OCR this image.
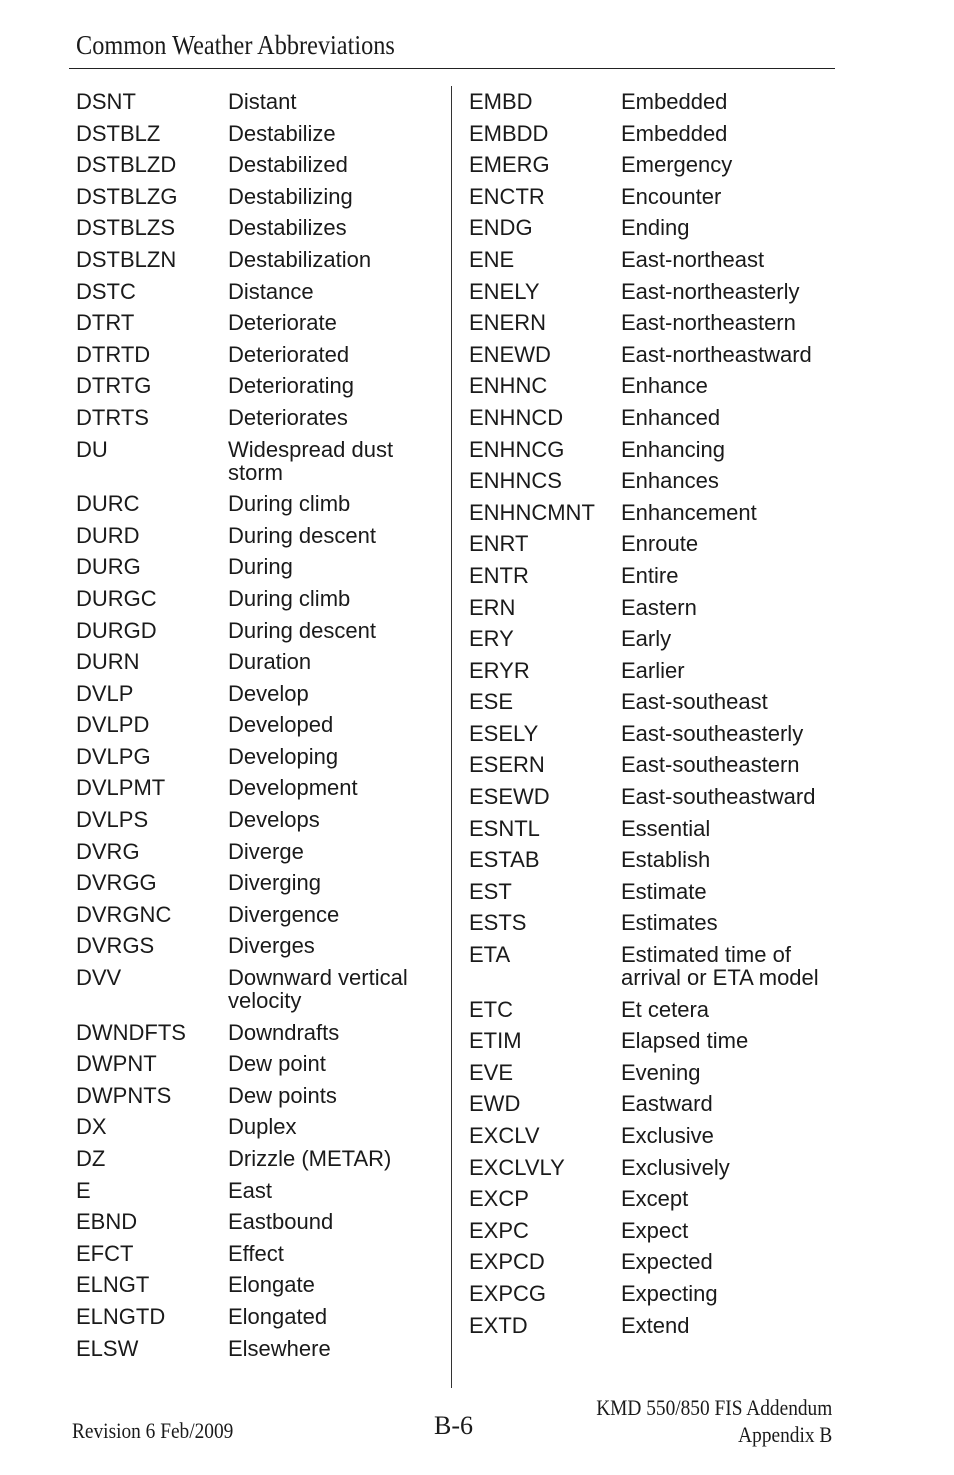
Common Weather Abbreviations
DSNT	Distant
DSTBLZ	Destabilize
DSTBLZD	Destabilized
DSTBLZG	Destabilizing
DSTBLZS	Destabilizes
DSTBLZN	Destabilization
DSTC	Distance
DTRT	Deteriorate
DTRTD	Deteriorated
DTRTG	Deteriorating
DTRTS	Deteriorates
DU	Widespread dust storm
DURC	During climb
DURD	During descent
DURG	During
DURGC	During climb
DURGD	During descent
DURN	Duration
DVLP	Develop
DVLPD	Developed
DVLPG	Developing
DVLPMT	Development
DVLPS	Develops
DVRG	Diverge
DVRGG	Diverging
DVRGNC	Divergence
DVRGS	Diverges
DVV	Downward vertical velocity
DWNDFTS	Downdrafts
DWPNT	Dew point
DWPNTS	Dew points
DX	Duplex
DZ	Drizzle (METAR)
E	East
EBND	Eastbound
EFCT	Effect
ELNGT	Elongate
ELNGTD	Elongated
ELSW	Elsewhere
EMBD	Embedded
EMBDD	Embedded
EMERG	Emergency
ENCTR	Encounter
ENDG	Ending
ENE	East-northeast
ENELY	East-northeasterly
ENERN	East-northeastern
ENEWD	East-northeastward
ENHNC	Enhance
ENHNCD	Enhanced
ENHNCG	Enhancing
ENHNCS	Enhances
ENHNCMNT	Enhancement
ENRT	Enroute
ENTR	Entire
ERN	Eastern
ERY	Early
ERYR	Earlier
ESE	East-southeast
ESELY	East-southeasterly
ESERN	East-southeastern
ESEWD	East-southeastward
ESNTL	Essential
ESTAB	Establish
EST	Estimate
ESTS	Estimates
ETA	Estimated time of arrival or ETA model
ETC	Et cetera
ETIM	Elapsed time
EVE	Evening
EWD	Eastward
EXCLV	Exclusive
EXCLVLY	Exclusively
EXCP	Except
EXPC	Expect
EXPCD	Expected
EXPCG	Expecting
EXTD	Extend
Revision 6 Feb/2009	B-6
KMD 550/850 FIS Addendum
Appendix B
